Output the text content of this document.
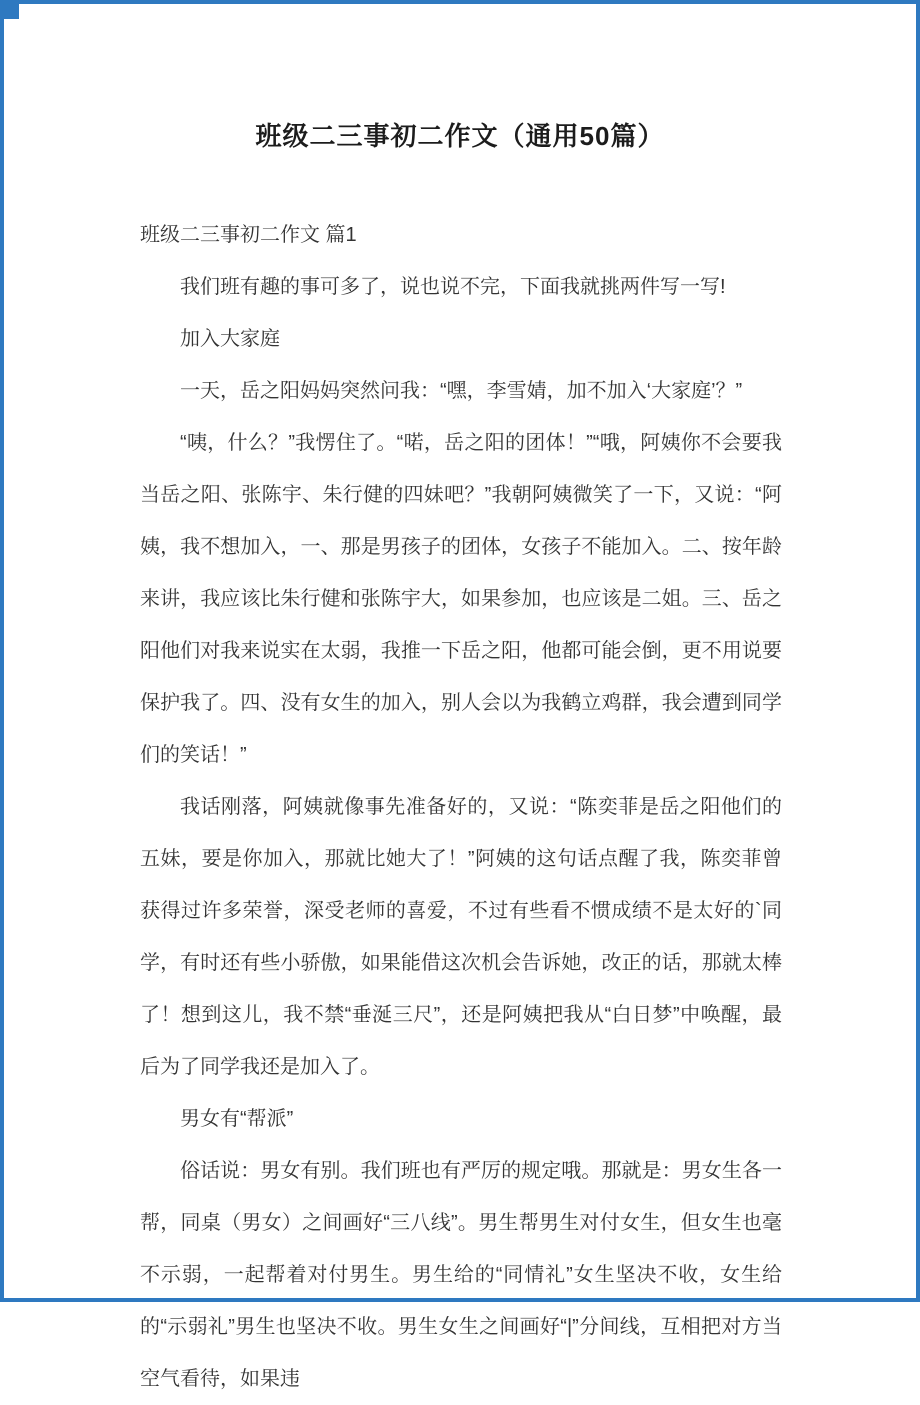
班级二三事初二作文（通用50篇）

班级二三事初二作文 篇1

我们班有趣的事可多了，说也说不完，下面我就挑两件写一写!

加入大家庭

一天，岳之阳妈妈突然问我：“嘿，李雪婧，加不加入‘大家庭’？”

“咦，什么？”我愣住了。“喏，岳之阳的团体！”“哦，阿姨你不会要我当岳之阳、张陈宇、朱行健的四妹吧？”我朝阿姨微笑了一下，又说：“阿姨，我不想加入，一、那是男孩子的团体，女孩子不能加入。二、按年龄来讲，我应该比朱行健和张陈宇大，如果参加，也应该是二姐。三、岳之阳他们对我来说实在太弱，我推一下岳之阳，他都可能会倒，更不用说要保护我了。四、没有女生的加入，别人会以为我鹤立鸡群，我会遭到同学们的笑话！”

我话刚落，阿姨就像事先准备好的，又说：“陈奕菲是岳之阳他们的五妹，要是你加入，那就比她大了！”阿姨的这句话点醒了我，陈奕菲曾获得过许多荣誉，深受老师的喜爱，不过有些看不惯成绩不是太好的`同学，有时还有些小骄傲，如果能借这次机会告诉她，改正的话，那就太棒了！想到这儿，我不禁“垂涎三尺”，还是阿姨把我从“白日梦”中唤醒，最后为了同学我还是加入了。

男女有“帮派”

俗话说：男女有别。我们班也有严厉的规定哦。那就是：男女生各一帮，同桌（男女）之间画好“三八线”。男生帮男生对付女生，但女生也毫不示弱，一起帮着对付男生。男生给的“同情礼”女生坚决不收，女生给的“示弱礼”男生也坚决不收。男生女生之间画好“|”分间线，互相把对方当空气看待，如果违
